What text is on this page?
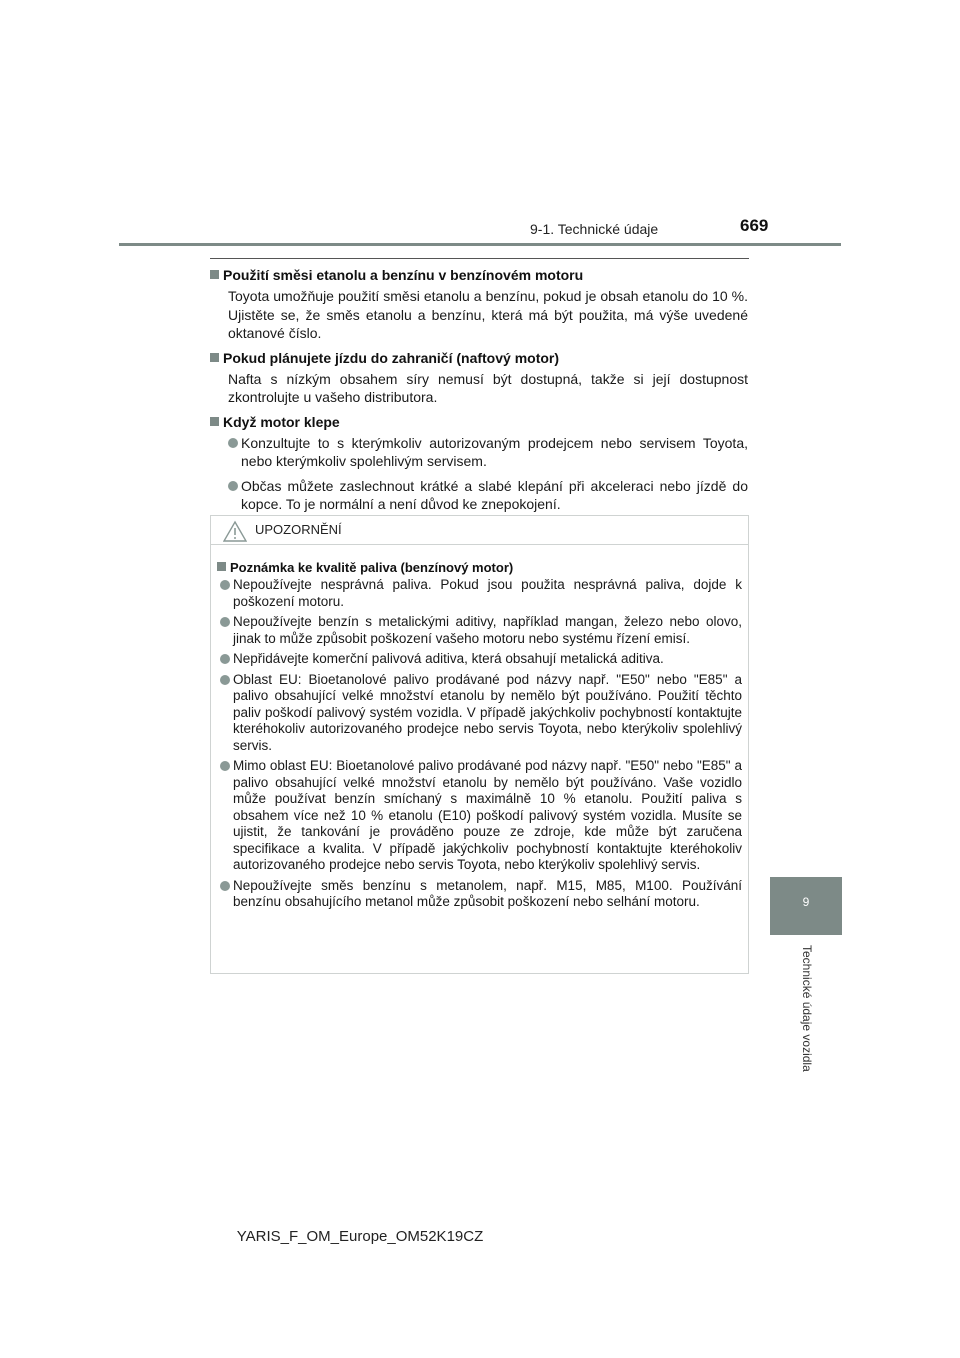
9-1. Technické údaje	669
9
Technické údaje vozidla
Použití směsi etanolu a benzínu v benzínovém motoru
Toyota umožňuje použití směsi etanolu a benzínu, pokud je obsah etanolu do 10 %. Ujistěte se, že směs etanolu a benzínu, která má být použita, má výše uvedené oktanové číslo.
Pokud plánujete jízdu do zahraničí (naftový motor)
Nafta s nízkým obsahem síry nemusí být dostupná, takže si její dostupnost zkontrolujte u vašeho distributora.
Když motor klepe
Konzultujte to s kterýmkoliv autorizovaným prodejcem nebo servisem Toyota, nebo kterýmkoliv spolehlivým servisem.
Občas můžete zaslechnout krátké a slabé klepání při akceleraci nebo jízdě do kopce. To je normální a není důvod ke znepokojení.
UPOZORNĚNÍ
Poznámka ke kvalitě paliva (benzínový motor)
Nepoužívejte nesprávná paliva. Pokud jsou použita nesprávná paliva, dojde k poškození motoru.
Nepoužívejte benzín s metalickými aditivy, například mangan, železo nebo olovo, jinak to může způsobit poškození vašeho motoru nebo systému řízení emisí.
Nepřidávejte komerční palivová aditiva, která obsahují metalická aditiva.
Oblast EU: Bioetanolové palivo prodávané pod názvy např. "E50" nebo "E85" a palivo obsahující velké množství etanolu by nemělo být používáno. Použití těchto paliv poškodí palivový systém vozidla. V případě jakýchkoliv pochybností kontaktujte kteréhokoliv autorizovaného prodejce nebo servis Toyota, nebo kterýkoliv spolehlivý servis.
Mimo oblast EU: Bioetanolové palivo prodávané pod názvy např. "E50" nebo "E85" a palivo obsahující velké množství etanolu by nemělo být používáno. Vaše vozidlo může používat benzín smíchaný s maximálně 10 % etanolu. Použití paliva s obsahem více než 10 % etanolu (E10) poškodí palivový systém vozidla. Musíte se ujistit, že tankování je prováděno pouze ze zdroje, kde může být zaručena specifikace a kvalita. V případě jakýchkoliv pochybností kontaktujte kteréhokoliv autorizovaného prodejce nebo servis Toyota, nebo kterýkoliv spolehlivý servis.
Nepoužívejte směs benzínu s metanolem, např. M15, M85, M100. Používání benzínu obsahujícího metanol může způsobit poškození nebo selhání motoru.
YARIS_F_OM_Europe_OM52K19CZ
